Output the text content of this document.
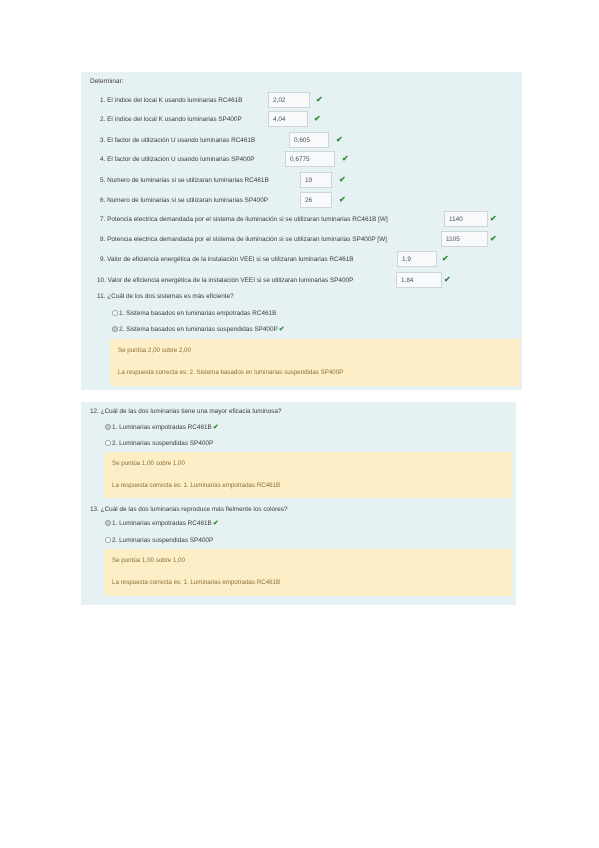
Determinar:
1. El índice del local K usando luminarias RC461B	2,02	✔
2. El índice del local K usando luminarias SP400P	4,04	✔
3. El factor de utilización U usando luminarias RC461B	0,605	✔
4. El factor de utilización U usando luminarias SP400P	0,6775	✔
5. Numero de luminarias si se utilizaran luminarias RC461B	19	✔
6. Numero de luminarias si se utilizaran luminarias SP400P	26	✔
7. Potencia electrica demandada por el sistema de iluminación si se utilizaran luminarias RC461B [W]	1140	✔
8. Potencia electrica demandada por el sistema de iluminación si se utilizaran luminarias SP400P [W]	1105	✔
9. Valor de eficiencia energética de la instalación VEEI si se utilizaran luminarias RC461B	1,9	✔
10. Valor de eficiencia energética de la instalación VEEI si se utilizaran luminarias SP400P	1,84	✔
11. ¿Cuál de los dos sistemas es más eficiente?
1. Sistema basados en luminarias empotradas RC461B
2. Sistema basados en luminarias suspendidas SP400P✔
Se puntúa 2,00 sobre 2,00
La respuesta correcta es: 2. Sistema basados en luminarias suspendidas SP400P
12. ¿Cuál de las dos luminarias tiene una mayor eficacia luminosa?
1. Luminarias empotradas RC461B✔
2. Luminarias suspendidas SP400P
Se puntúa 1,00 sobre 1,00
La respuesta correcta es: 1. Luminarias empotradas RC461B
13. ¿Cuál de las dos luminarias reproduce más fielmente los colores?
1. Luminarias empotradas RC461B✔
2. Luminarias suspendidas SP400P
Se puntúa 1,00 sobre 1,00
La respuesta correcta es: 1. Luminarias empotradas RC461B
